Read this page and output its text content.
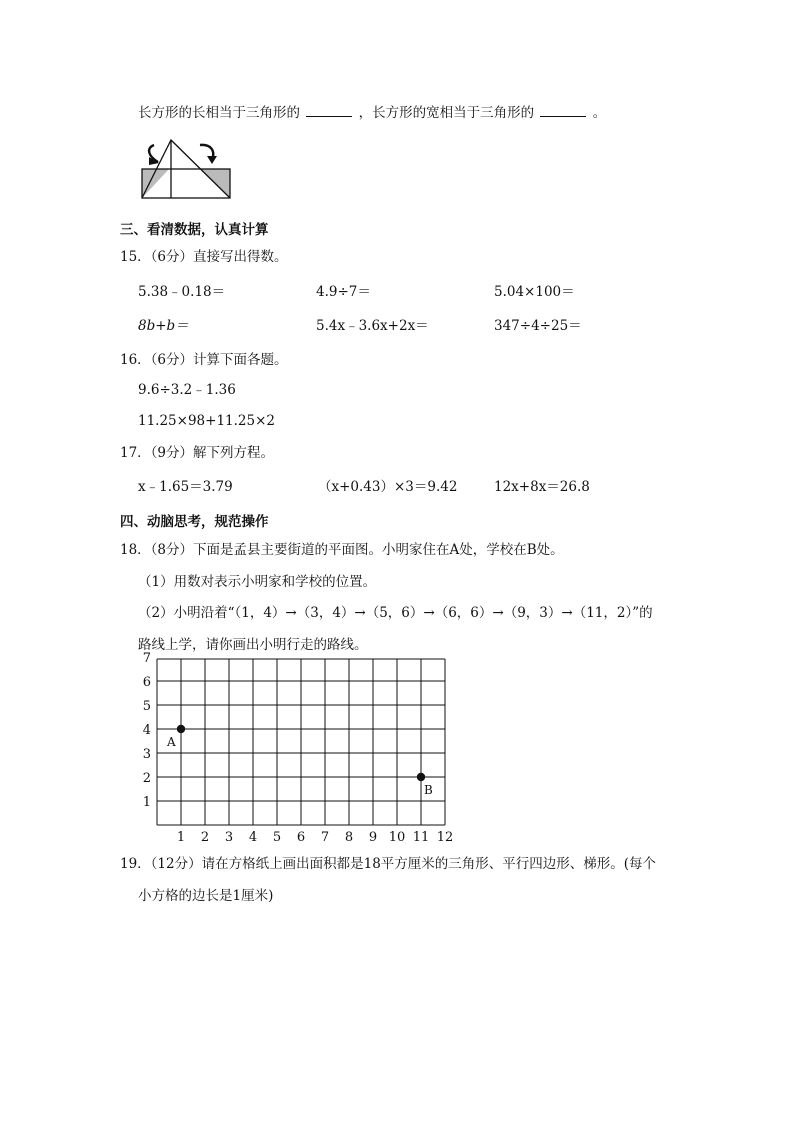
长方形的长相当于三角形的	，长方形的宽相当于三角形的	。
三、看清数据，认真计算
15．（6分）直接写出得数。
5.38﹣0.18＝	4.9÷7＝	5.04×100＝
8b+b＝	5.4x﹣3.6x+2x＝	347÷4÷25＝
16．（6分）计算下面各题。
9.6÷3.2﹣1.36
11.25×98+11.25×2
17．（9分）解下列方程。
x﹣1.65＝3.79	（x+0.43）×3＝9.42	12x+8x＝26.8
四、动脑思考，规范操作
18．（8分）下面是孟县主要街道的平面图。小明家住在A处，学校在B处。
（1）用数对表示小明家和学校的位置。
（2）小明沿着“（1，4）→（3，4）→（5，6）→（6，6）→（9，3）→（11，2）”的
路线上学，请你画出小明行走的路线。
1 2 3 4 5 6 7 8 9 10 11 12
1
2
3
4
5
6
7
A
B
19．（12分）请在方格纸上画出面积都是18平方厘米的三角形、平行四边形、梯形。(每个
小方格的边长是1厘米)
